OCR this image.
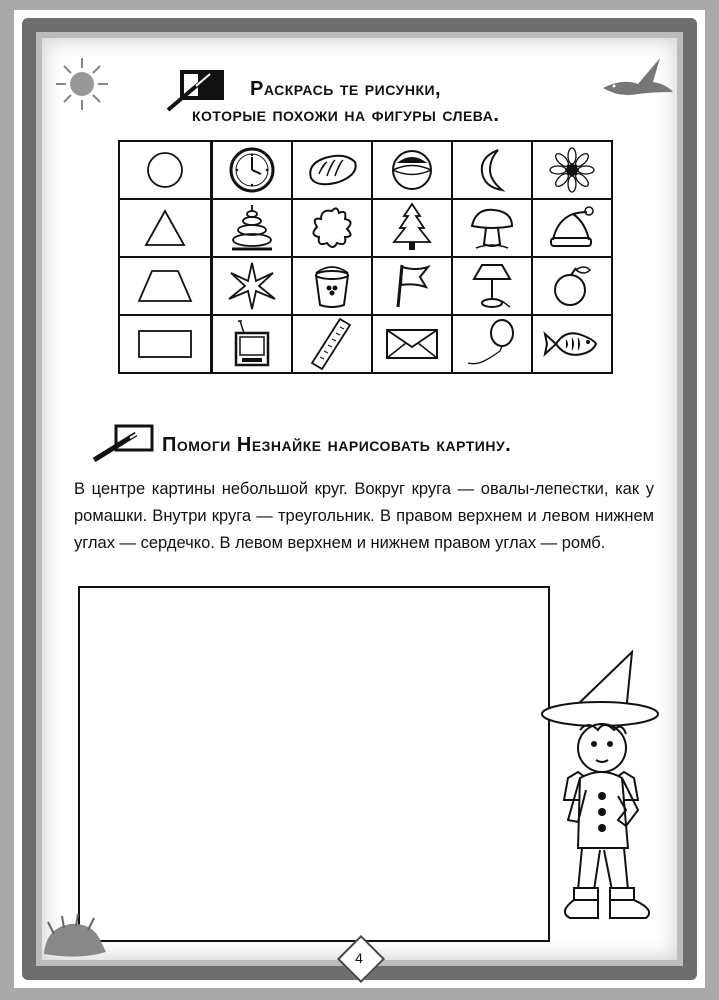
Раскрась те рисунки,
которые похожи на фигуры слева.

Помоги Незнайке нарисовать картину.
В центре картины небольшой круг. Вокруг круга — овалы-лепестки, как у ромашки. Внутри круга — треугольник. В правом верхнем и левом нижнем углах — сердечко. В левом верхнем и нижнем правом углах — ромб.
4
